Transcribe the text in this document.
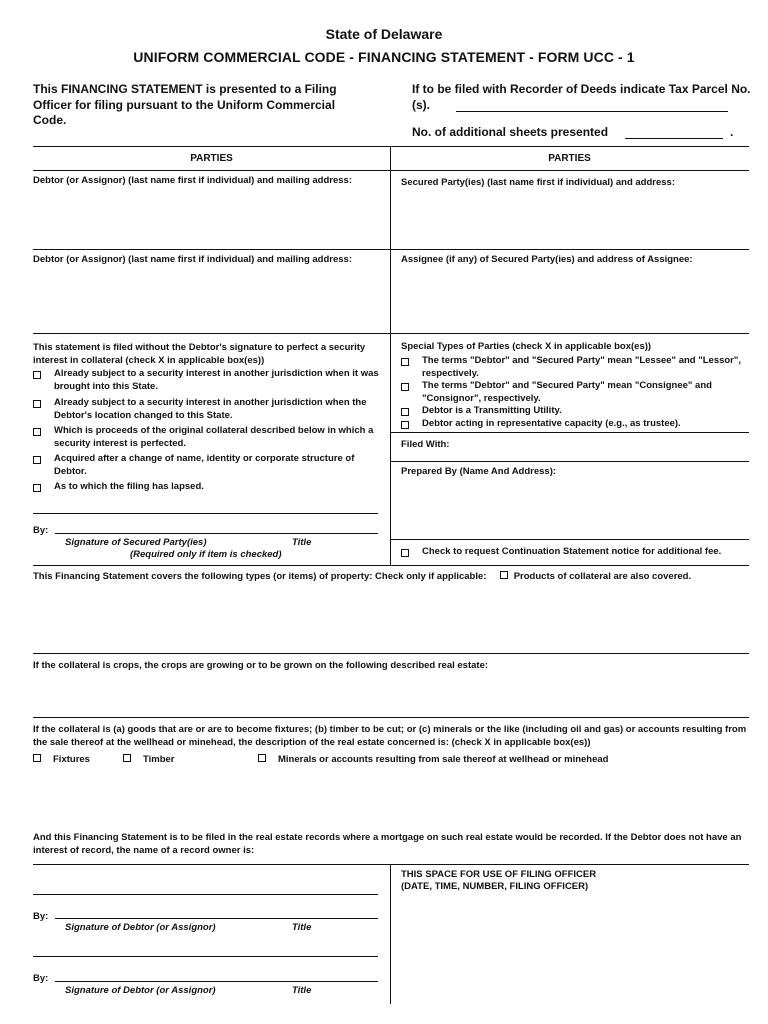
State of Delaware
UNIFORM COMMERCIAL CODE - FINANCING STATEMENT - FORM UCC - 1
This FINANCING STATEMENT is presented to a Filing Officer for filing pursuant to the Uniform Commercial Code.
If to be filed with Recorder of Deeds indicate Tax Parcel No.(s).
No. of additional sheets presented	.
PARTIES	PARTIES
Debtor (or Assignor) (last name first if individual) and mailing address:	Secured Party(ies) (last name first if individual) and address:
Debtor (or Assignor) (last name first if individual) and mailing address:	Assignee (if any) of Secured Party(ies) and address of Assignee:
This statement is filed without the Debtor's signature to perfect a security interest in collateral (check X in applicable box(es))
Already subject to a security interest in another jurisdiction when it was brought into this State.
Already subject to a security interest in another jurisdiction when the Debtor's location changed to this State.
Which is proceeds of the original collateral described below in which a security interest is perfected.
Acquired after a change of name, identity or corporate structure of Debtor.
As to which the filing has lapsed.
By:
Signature of Secured Party(ies)	Title
(Required only if item is checked)
Special Types of Parties (check X in applicable box(es))
The terms "Debtor" and "Secured Party" mean "Lessee" and "Lessor", respectively.
The terms "Debtor" and "Secured Party" mean "Consignee" and "Consignor", respectively.
Debtor is a Transmitting Utility.
Debtor acting in representative capacity (e.g., as trustee).
Filed With:
Prepared By (Name And Address):
Check to request Continuation Statement notice for additional fee.
This Financing Statement covers the following types (or items) of property: Check only if applicable:	Products of collateral are also covered.
If the collateral is crops, the crops are growing or to be grown on the following described real estate:
If the collateral is (a) goods that are or are to become fixtures; (b) timber to be cut; or (c) minerals or the like (including oil and gas) or accounts resulting from the sale thereof at the wellhead or minehead, the description of the real estate concerned is: (check X in applicable box(es))
Fixtures	Timber	Minerals or accounts resulting from sale thereof at wellhead or minehead
And this Financing Statement is to be filed in the real estate records where a mortgage on such real estate would be recorded. If the Debtor does not have an interest of record, the name of a record owner is:
By:
Signature of Debtor (or Assignor)	Title
By:
Signature of Debtor (or Assignor)	Title
THIS SPACE FOR USE OF FILING OFFICER
(DATE, TIME, NUMBER, FILING OFFICER)
